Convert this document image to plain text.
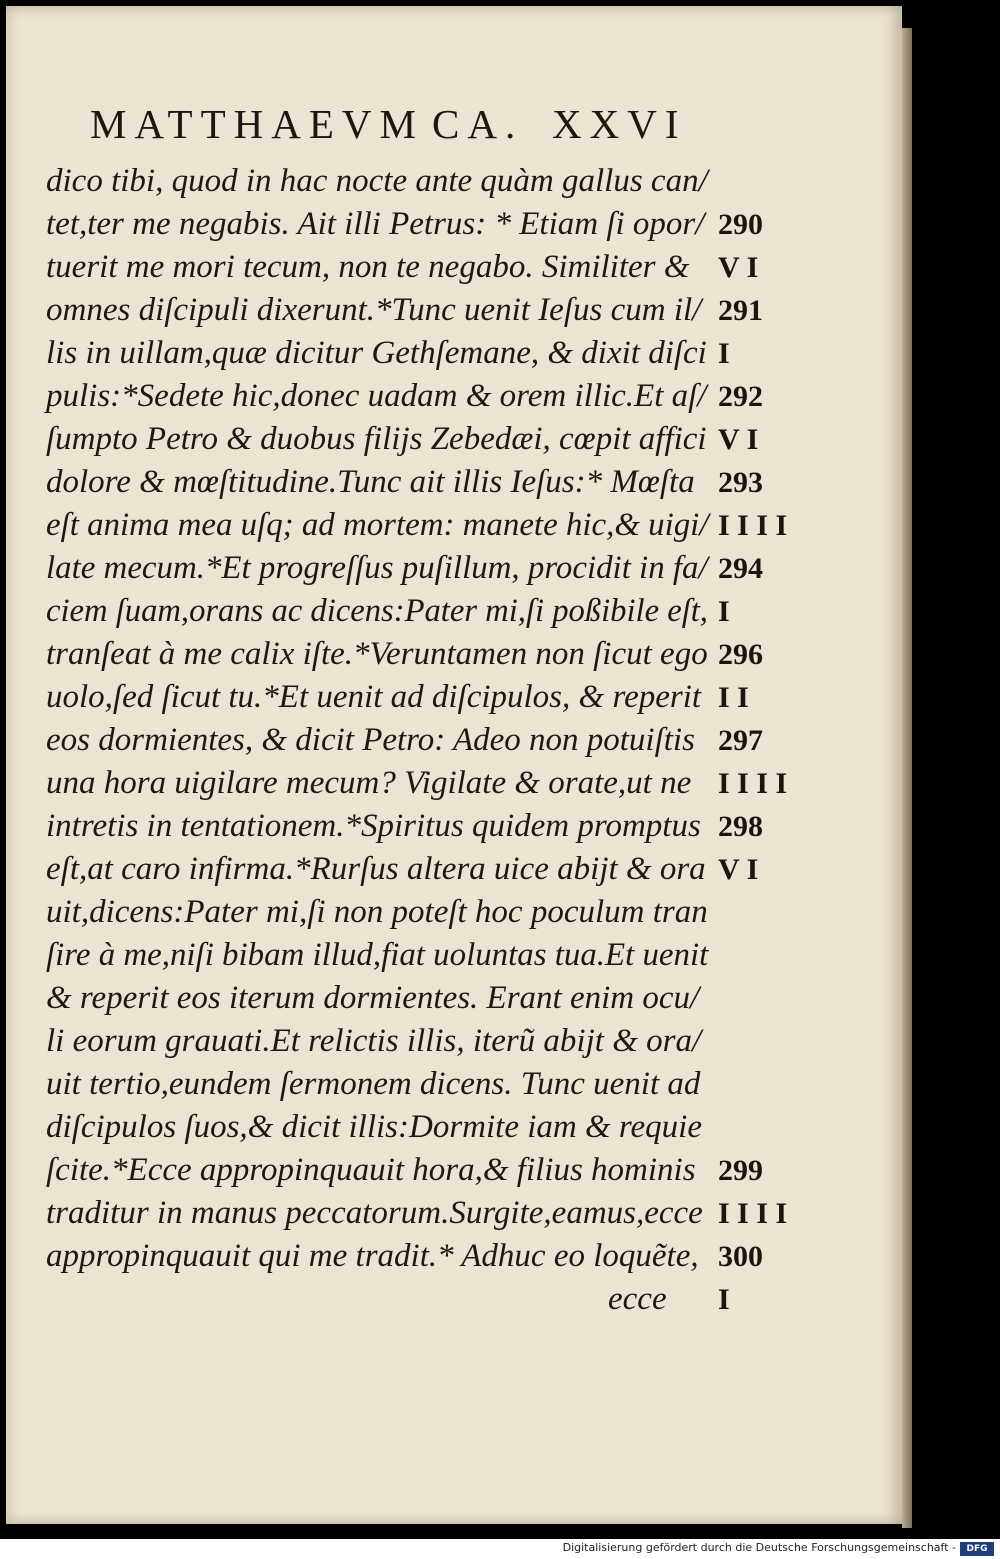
MATTHAEVM CA. XXVI
dico tibi, quod in hac nocte ante quàm gallus can/
tet,ter me negabis. Ait illi Petrus: * Etiam ſi opor/
tuerit me mori tecum, non te negabo. Similiter &
omnes diſcipuli dixerunt.*Tunc uenit Ieſus cum il/
lis in uillam,quæ dicitur Gethſemane, & dixit diſci
pulis:*Sedete hic,donec uadam & orem illic.Et aſ/
ſumpto Petro & duobus filijs Zebedæi, cœpit affici
dolore & mœſtitudine.Tunc ait illis Ieſus:* Mœſta
eſt anima mea uſq; ad mortem: manete hic,& uigi/
late mecum.*Et progreſſus puſillum, procidit in fa/
ciem ſuam,orans ac dicens:Pater mi,ſi poßibile eſt,
tranſeat à me calix iſte.*Veruntamen non ſicut ego
uolo,ſed ſicut tu.*Et uenit ad diſcipulos, & reperit
eos dormientes, & dicit Petro: Adeo non potuiſtis
una hora uigilare mecum? Vigilate & orate,ut ne
intretis in tentationem.*Spiritus quidem promptus
eſt,at caro infirma.*Rurſus altera uice abijt & ora
uit,dicens:Pater mi,ſi non poteſt hoc poculum tran
ſire à me,niſi bibam illud,fiat uoluntas tua.Et uenit
& reperit eos iterum dormientes. Erant enim ocu/
li eorum grauati.Et relictis illis, iterũ abijt & ora/
uit tertio,eundem ſermonem dicens. Tunc uenit ad
diſcipulos ſuos,& dicit illis:Dormite iam & requie
ſcite.*Ecce appropinquauit hora,& filius hominis
traditur in manus peccatorum.Surgite,eamus,ecce
appropinquauit qui me tradit.* Adhuc eo loquẽte,
ecce
290
V I
291
I
292
V I
293
I I I I
294
I
296
I I
297
I I I I
298
V I
299
I I I I
300
I
Digitalisierung gefördert durch die Deutsche Forschungsgemeinschaft -	DFG
